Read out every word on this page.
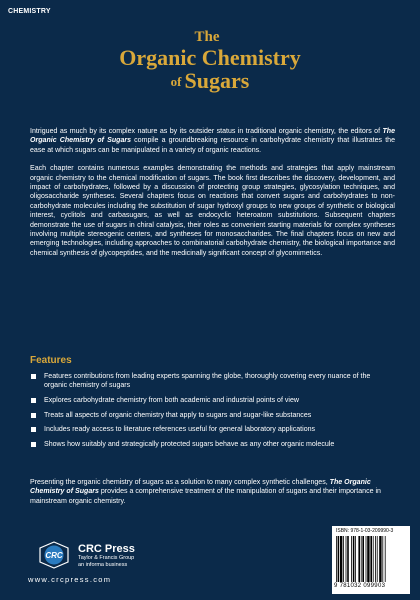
CHEMISTRY
The
Organic Chemistry
of Sugars

Intrigued as much by its complex nature as by its outsider status in traditional organic chemistry, the editors of The Organic Chemistry of Sugars compile a groundbreaking resource in carbohydrate chemistry that illustrates the ease at which sugars can be manipulated in a variety of organic reactions.

Each chapter contains numerous examples demonstrating the methods and strategies that apply mainstream organic chemistry to the chemical modification of sugars. The book first describes the discovery, development, and impact of carbohydrates, followed by a discussion of protecting group strategies, glycosylation techniques, and oligosaccharide syntheses. Several chapters focus on reactions that convert sugars and carbohydrates to non-carbohydrate molecules including the substitution of sugar hydroxyl groups to new groups of synthetic or biological interest, cyclitols and carbasugars, as well as endocyclic heteroatom substitutions. Subsequent chapters demonstrate the use of sugars in chiral catalysis, their roles as convenient starting materials for complex syntheses involving multiple stereogenic centers, and syntheses for monosaccharides. The final chapters focus on new and emerging technologies, including approaches to combinatorial carbohydrate chemistry, the biological importance and chemical synthesis of glycopeptides, and the medicinally significant concept of glycomimetics.

Features
Features contributions from leading experts spanning the globe, thoroughly covering every nuance of the organic chemistry of sugars
Explores carbohydrate chemistry from both academic and industrial points of view
Treats all aspects of organic chemistry that apply to sugars and sugar-like substances
Includes ready access to literature references useful for general laboratory applications
Shows how suitably and strategically protected sugars behave as any other organic molecule

Presenting the organic chemistry of sugars as a solution to many complex synthetic challenges, The Organic Chemistry of Sugars provides a comprehensive treatment of the manipulation of sugars and their importance in mainstream organic chemistry.

CRC
CRC Press
Taylor & Francis Group
an informa business
www.crcpress.com
ISBN: 978-1-03-209990-3
9 781032 099903
